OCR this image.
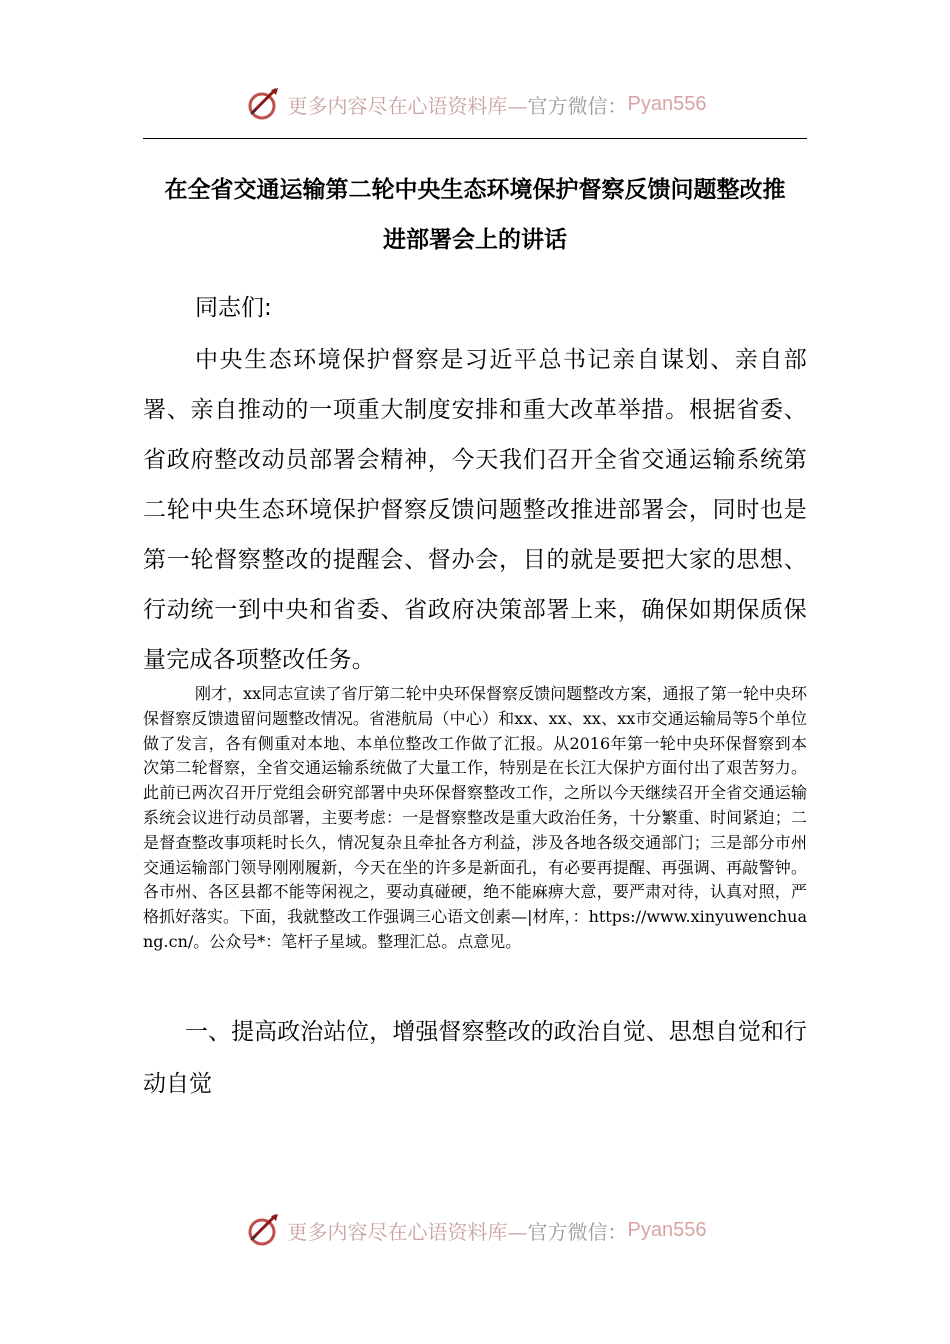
更多内容尽在心语资料库— 官方微信： Pyan556
在全省交通运输第二轮中央生态环境保护督察反馈问题整改推
进部署会上的讲话
同志们:

中央生态环境保护督察是习近平总书记亲自谋划、亲自部署、亲自推动的一项重大制度安排和重大改革举措。根据省委、省政府整改动员部署会精神，今天我们召开全省交通运输系统第二轮中央生态环境保护督察反馈问题整改推进部署会，同时也是第一轮督察整改的提醒会、督办会，目的就是要把大家的思想、行动统一到中央和省委、省政府决策部署上来，确保如期保质保量完成各项整改任务。

刚才，xx同志宣读了省厅第二轮中央环保督察反馈问题整改方案，通报了第一轮中央环保督察反馈遗留问题整改情况。省港航局（中心）和xx、xx、xx、xx市交通运输局等5个单位做了发言，各有侧重对本地、本单位整改工作做了汇报。从2016年第一轮中央环保督察到本次第二轮督察，全省交通运输系统做了大量工作，特别是在长江大保护方面付出了艰苦努力。此前已两次召开厅党组会研究部署中央环保督察整改工作，之所以今天继续召开全省交通运输系统会议进行动员部署，主要考虑：一是督察整改是重大政治任务，十分繁重、时间紧迫；二是督查整改事项耗时长久，情况复杂且牵扯各方利益，涉及各地各级交通部门；三是部分市州交通运输部门领导刚刚履新，今天在坐的许多是新面孔，有必要再提醒、再强调、再敲警钟。各市州、各区县都不能等闲视之，要动真碰硬，绝不能麻痹大意，要严肃对待，认真对照，严格抓好落实。下面，我就整改工作强调三心语文创素—|材库，：https://www.xinyuwenchuang.cn/。公众号*：笔杆子星域。整理汇总。点意见。

一、提高政治站位，增强督察整改的政治自觉、思想自觉和行动自觉

更多内容尽在心语资料库— 官方微信： Pyan556
